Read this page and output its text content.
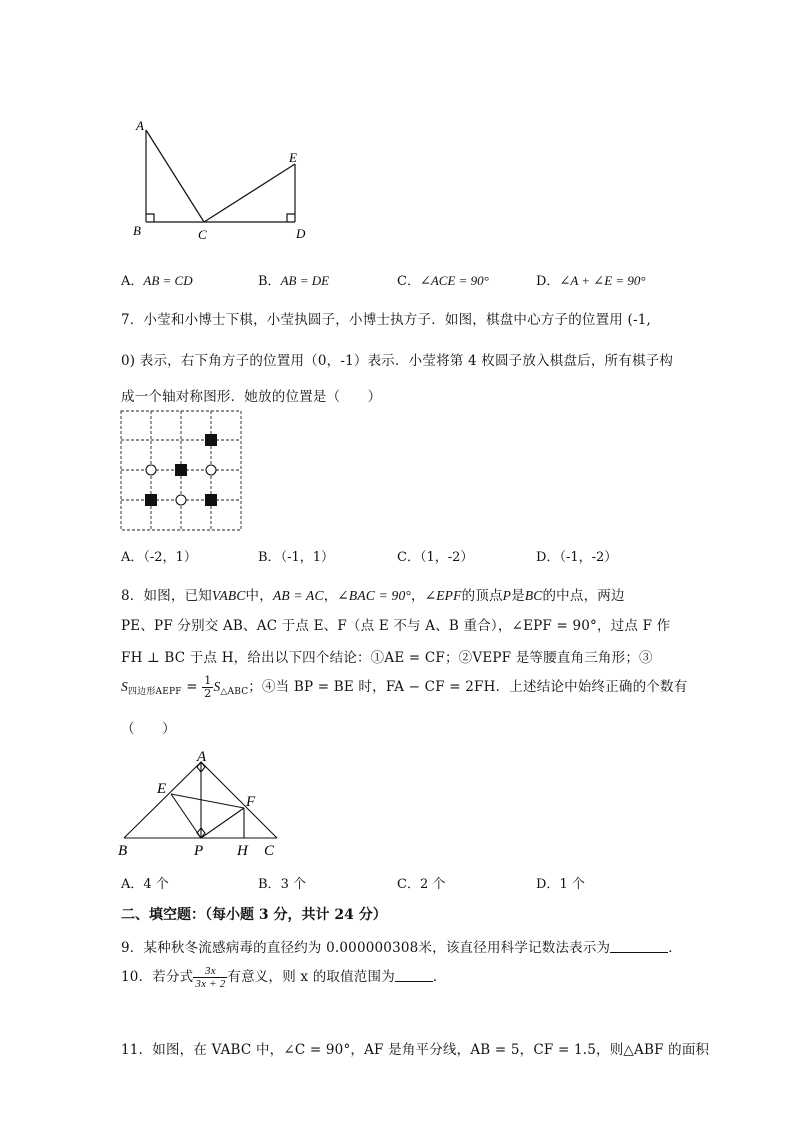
A
E
B	C	D
A．AB = CD	B．AB = DE	C．∠ACE = 90°	D．∠A + ∠E = 90°
7．小莹和小博士下棋，小莹执圆子，小博士执方子．如图，棋盘中心方子的位置用 (-1,
0) 表示，右下角方子的位置用（0，-1）表示．小莹将第 4 枚圆子放入棋盘后，所有棋子构
成一个轴对称图形．她放的位置是（　　）
A．（-2，1）	B．（-1，1）	C．（1，-2）	D．（-1，-2）
8．如图，已知VABC中，AB = AC，∠BAC = 90°，∠EPF的顶点P是BC的中点，两边
PE、PF 分别交 AB、AC 于点 E、F（点 E 不与 A、B 重合），∠EPF = 90°，过点 F 作
FH ⊥ BC 于点 H，给出以下四个结论：①AE = CF；②VEPF 是等腰直角三角形；③
$S_{四边形AEPF} = \frac{1}{2} S_{\triangle ABC}$；④当 BP = BE 时，FA − CF = 2FH．上述结论中始终正确的个数有
（　　）
A
E
F
B	P H C
A．4 个	B．3 个	C．2 个	D．1 个
二、填空题：（每小题 3 分，共计 24 分）
9．某种秋冬流感病毒的直径约为 0.000000308米，该直径用科学记数法表示为	．
10．若分式 $\frac{3x}{3x + 2}$ 有意义，则 x 的取值范围为	．
11．如图，在 VABC 中，∠C = 90°，AF 是角平分线，AB = 5，CF = 1.5，则△ABF 的面积
